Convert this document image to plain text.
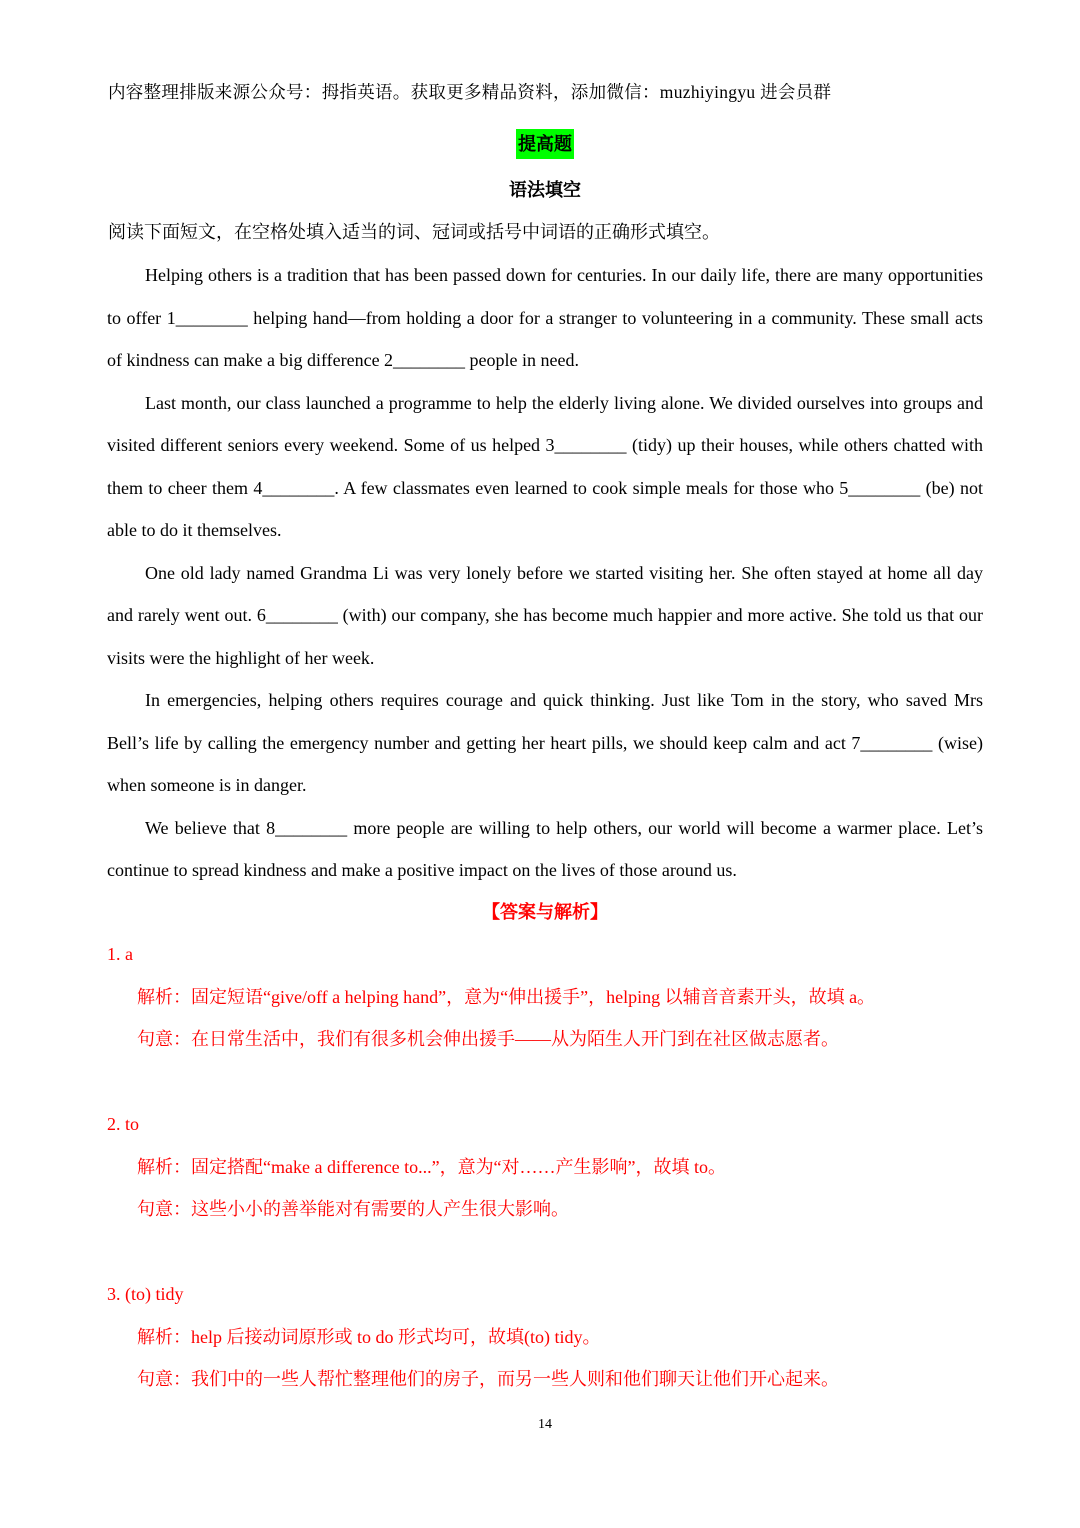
内容整理排版来源公众号：拇指英语。获取更多精品资料，添加微信：muzhiyingyu 进会员群
提高题
语法填空
阅读下面短文，在空格处填入适当的词、冠词或括号中词语的正确形式填空。

Helping others is a tradition that has been passed down for centuries. In our daily life, there are many opportunities to offer 1________ helping hand—from holding a door for a stranger to volunteering in a community. These small acts of kindness can make a big difference 2________ people in need.

Last month, our class launched a programme to help the elderly living alone. We divided ourselves into groups and visited different seniors every weekend. Some of us helped 3________ (tidy) up their houses, while others chatted with them to cheer them 4________. A few classmates even learned to cook simple meals for those who 5________ (be) not able to do it themselves.

One old lady named Grandma Li was very lonely before we started visiting her. She often stayed at home all day and rarely went out. 6________ (with) our company, she has become much happier and more active. She told us that our visits were the highlight of her week.

In emergencies, helping others requires courage and quick thinking. Just like Tom in the story, who saved Mrs Bell’s life by calling the emergency number and getting her heart pills, we should keep calm and act 7________ (wise) when someone is in danger.

We believe that 8________ more people are willing to help others, our world will become a warmer place. Let’s continue to spread kindness and make a positive impact on the lives of those around us.

【答案与解析】

1. a

解析：固定短语“give/off a helping hand”，意为“伸出援手”，helping 以辅音音素开头，故填 a。

句意：在日常生活中，我们有很多机会伸出援手——从为陌生人开门到在社区做志愿者。

2. to

解析：固定搭配“make a difference to...”，意为“对……产生影响”，故填 to。

句意：这些小小的善举能对有需要的人产生很大影响。

3. (to) tidy

解析：help 后接动词原形或 to do 形式均可，故填(to) tidy。

句意：我们中的一些人帮忙整理他们的房子，而另一些人则和他们聊天让他们开心起来。

14
